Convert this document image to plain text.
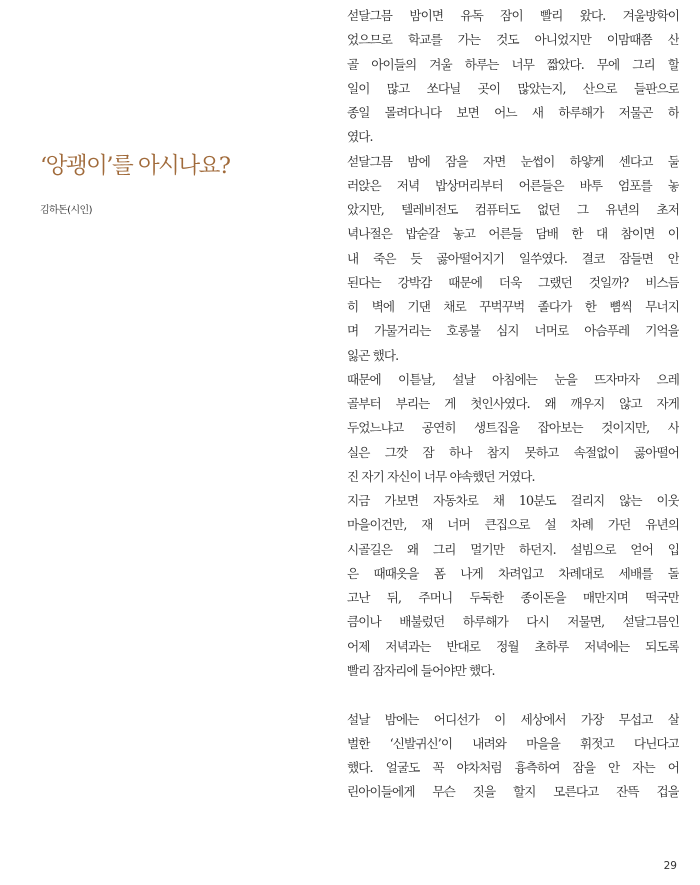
‘앙괭이’를 아시나요?
김하돈(시인)
섣달그믐 밤이면 유독 잠이 빨리 왔다. 겨울방학이
었으므로 학교를 가는 것도 아니었지만 이맘때쯤 산
골 아이들의 겨울 하루는 너무 짧았다. 무에 그리 할
일이 많고 쏘다닐 곳이 많았는지, 산으로 들판으로
종일 몰려다니다 보면 어느 새 하루해가 저물곤 하
였다.
섣달그믐 밤에 잠을 자면 눈썹이 하얗게 센다고 둘
러앉은 저녁 밥상머리부터 어른들은 바투 엄포를 놓
았지만, 텔레비전도 컴퓨터도 없던 그 유년의 초저
녁나절은 밥숟갈 놓고 어른들 담배 한 대 참이면 이
내 죽은 듯 곯아떨어지기 일쑤였다. 결코 잠들면 안
된다는 강박감 때문에 더욱 그랬던 것일까? 비스듬
히 벽에 기댄 채로 꾸벅꾸벅 졸다가 한 뼘씩 무너지
며 가물거리는 호롱불 심지 너머로 아슴푸레 기억을
잃곤 했다.
때문에 이튿날, 설날 아침에는 눈을 뜨자마자 으레
골부터 부리는 게 첫인사였다. 왜 깨우지 않고 자게
두었느냐고 공연히 생트집을 잡아보는 것이지만, 사
실은 그깟 잠 하나 참지 못하고 속절없이 곯아떨어
진 자기 자신이 너무 야속했던 거였다.
지금 가보면 자동차로 채 10분도 걸리지 않는 이웃
마을이건만, 재 너머 큰집으로 설 차례 가던 유년의
시골길은 왜 그리 멀기만 하던지. 설빔으로 얻어 입
은 때때옷을 폼 나게 차려입고 차례대로 세배를 돌
고난 뒤, 주머니 두둑한 종이돈을 매만지며 떡국만
큼이나 배불렀던 하루해가 다시 저물면, 섣달그믐인
어제 저녁과는 반대로 정월 초하루 저녁에는 되도록
빨리 잠자리에 들어야만 했다.
설날 밤에는 어디선가 이 세상에서 가장 무섭고 살
벌한 ‘신발귀신’이 내려와 마을을 휘젓고 다닌다고
했다. 얼굴도 꼭 야차처럼 흉측하여 잠을 안 자는 어
린아이들에게 무슨 짓을 할지 모른다고 잔뜩 겁을
29
